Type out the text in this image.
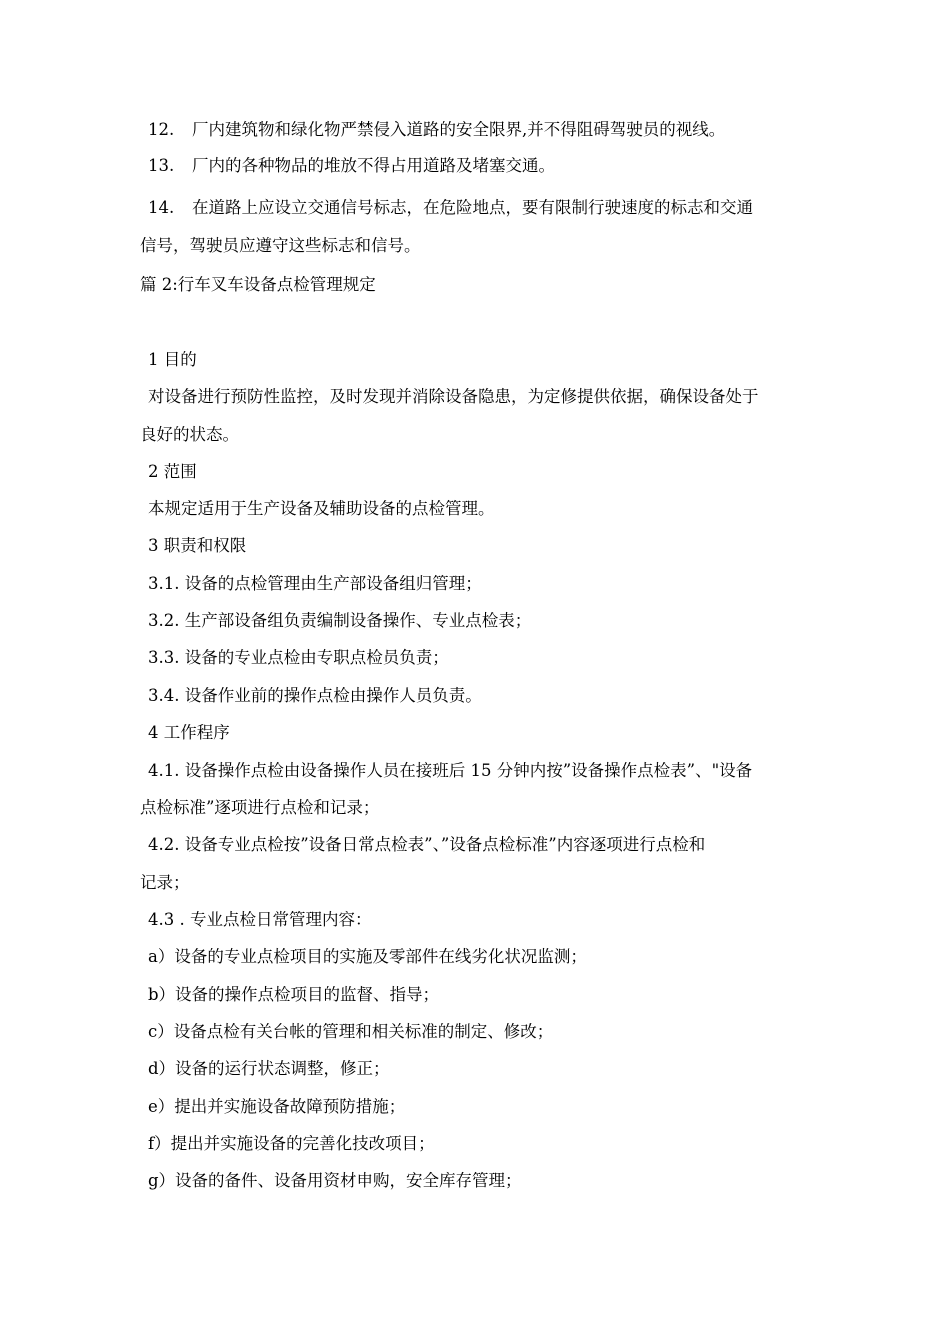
12. 厂内建筑物和绿化物严禁侵入道路的安全限界,并不得阻碍驾驶员的视线。
13. 厂内的各种物品的堆放不得占用道路及堵塞交通。
14. 在道路上应设立交通信号标志，在危险地点，要有限制行驶速度的标志和交通
信号，驾驶员应遵守这些标志和信号。
篇 2:行车叉车设备点检管理规定
1 目的
对设备进行预防性监控，及时发现并消除设备隐患，为定修提供依据，确保设备处于
良好的状态。
2 范围
本规定适用于生产设备及辅助设备的点检管理。
3 职责和权限
3.1. 设备的点检管理由生产部设备组归管理；
3.2. 生产部设备组负责编制设备操作、专业点检表；
3.3. 设备的专业点检由专职点检员负责；
3.4. 设备作业前的操作点检由操作人员负责。
4 工作程序
4.1. 设备操作点检由设备操作人员在接班后 15 分钟内按”设备操作点检表”、"设备
点检标准”逐项进行点检和记录；
4.2. 设备专业点检按”设备日常点检表”、”设备点检标准”内容逐项进行点检和
记录；
4.3 . 专业点检日常管理内容：
a）设备的专业点检项目的实施及零部件在线劣化状况监测；
b）设备的操作点检项目的监督、指导；
c）设备点检有关台帐的管理和相关标准的制定、修改；
d）设备的运行状态调整，修正；
e）提出并实施设备故障预防措施；
f）提出并实施设备的完善化技改项目；
g）设备的备件、设备用资材申购，安全库存管理；
